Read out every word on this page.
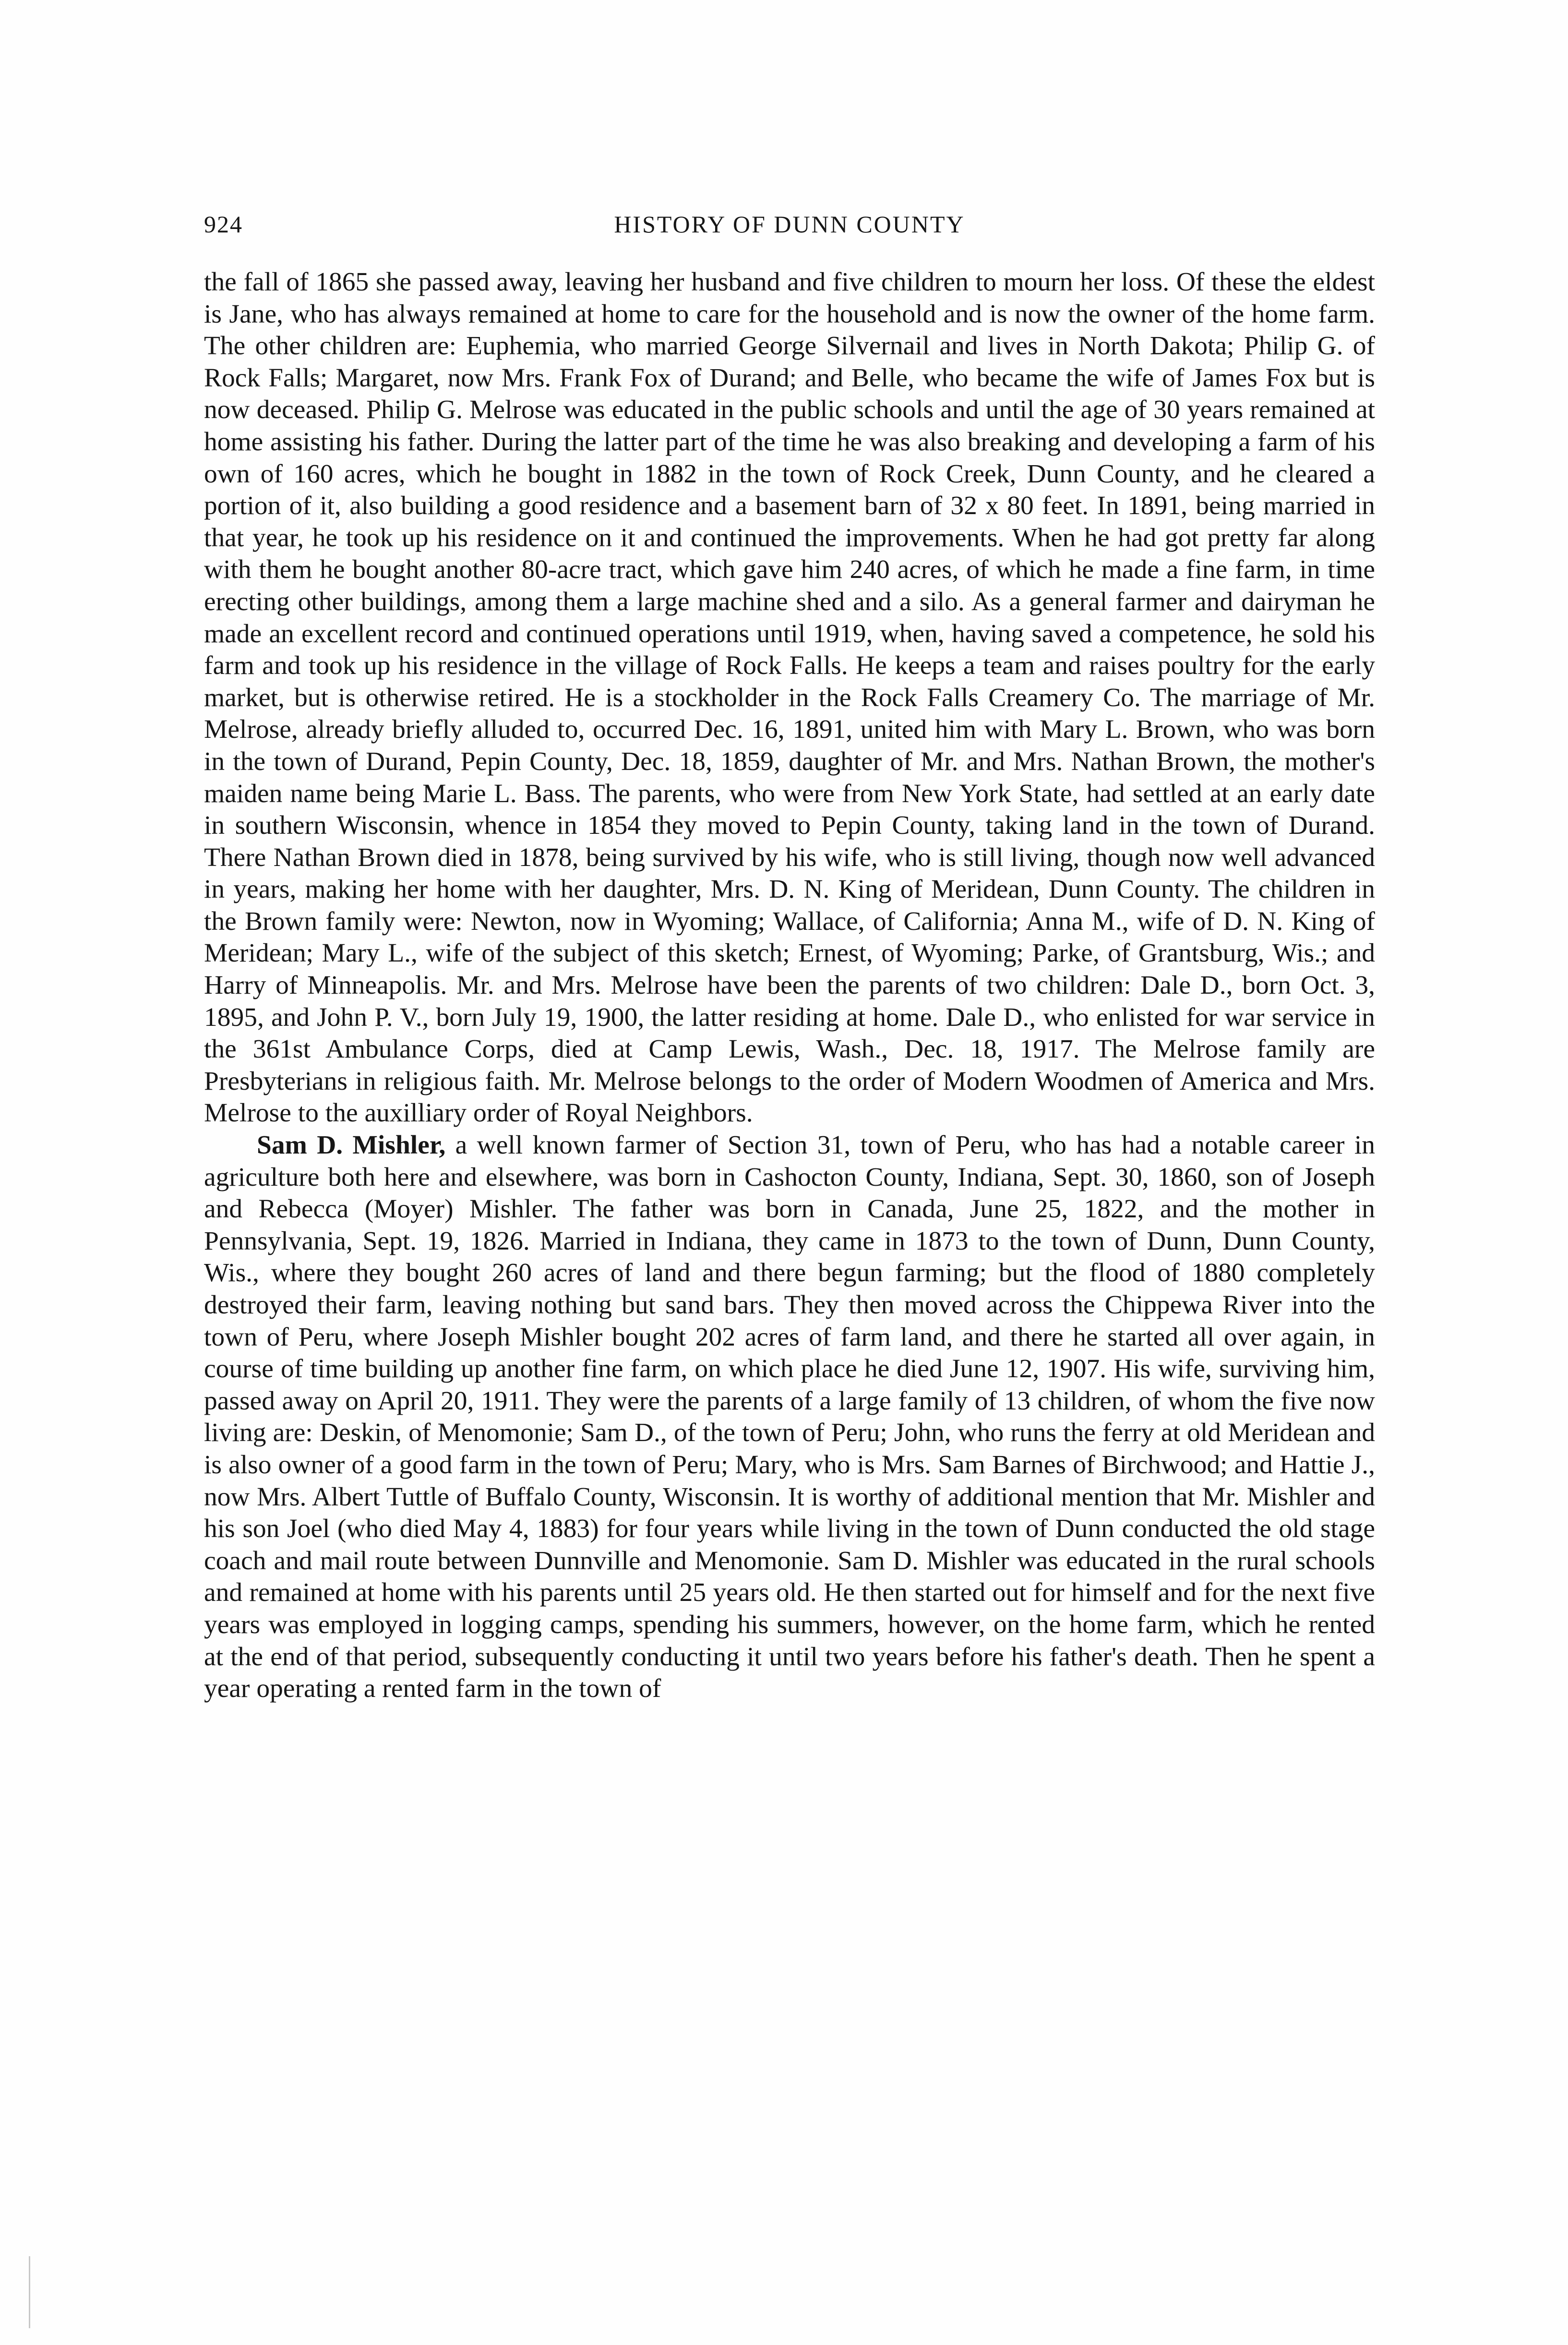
924	HISTORY OF DUNN COUNTY

the fall of 1865 she passed away, leaving her husband and five children to mourn her loss. Of these the eldest is Jane, who has always remained at home to care for the household and is now the owner of the home farm. The other children are: Euphemia, who married George Silvernail and lives in North Dakota; Philip G. of Rock Falls; Margaret, now Mrs. Frank Fox of Durand; and Belle, who became the wife of James Fox but is now deceased. Philip G. Melrose was educated in the public schools and until the age of 30 years remained at home assisting his father. During the latter part of the time he was also breaking and developing a farm of his own of 160 acres, which he bought in 1882 in the town of Rock Creek, Dunn County, and he cleared a portion of it, also building a good residence and a basement barn of 32 x 80 feet. In 1891, being married in that year, he took up his residence on it and continued the improvements. When he had got pretty far along with them he bought another 80-acre tract, which gave him 240 acres, of which he made a fine farm, in time erecting other buildings, among them a large machine shed and a silo. As a general farmer and dairyman he made an excellent record and continued operations until 1919, when, having saved a competence, he sold his farm and took up his residence in the village of Rock Falls. He keeps a team and raises poultry for the early market, but is otherwise retired. He is a stockholder in the Rock Falls Creamery Co. The marriage of Mr. Melrose, already briefly alluded to, occurred Dec. 16, 1891, united him with Mary L. Brown, who was born in the town of Durand, Pepin County, Dec. 18, 1859, daughter of Mr. and Mrs. Nathan Brown, the mother's maiden name being Marie L. Bass. The parents, who were from New York State, had settled at an early date in southern Wisconsin, whence in 1854 they moved to Pepin County, taking land in the town of Durand. There Nathan Brown died in 1878, being survived by his wife, who is still living, though now well advanced in years, making her home with her daughter, Mrs. D. N. King of Meridean, Dunn County. The children in the Brown family were: Newton, now in Wyoming; Wallace, of California; Anna M., wife of D. N. King of Meridean; Mary L., wife of the subject of this sketch; Ernest, of Wyoming; Parke, of Grantsburg, Wis.; and Harry of Minneapolis. Mr. and Mrs. Melrose have been the parents of two children: Dale D., born Oct. 3, 1895, and John P. V., born July 19, 1900, the latter residing at home. Dale D., who enlisted for war service in the 361st Ambulance Corps, died at Camp Lewis, Wash., Dec. 18, 1917. The Melrose family are Presbyterians in religious faith. Mr. Melrose belongs to the order of Modern Woodmen of America and Mrs. Melrose to the auxilliary order of Royal Neighbors.

Sam D. Mishler, a well known farmer of Section 31, town of Peru, who has had a notable career in agriculture both here and elsewhere, was born in Cashocton County, Indiana, Sept. 30, 1860, son of Joseph and Rebecca (Moyer) Mishler. The father was born in Canada, June 25, 1822, and the mother in Pennsylvania, Sept. 19, 1826. Married in Indiana, they came in 1873 to the town of Dunn, Dunn County, Wis., where they bought 260 acres of land and there begun farming; but the flood of 1880 completely destroyed their farm, leaving nothing but sand bars. They then moved across the Chippewa River into the town of Peru, where Joseph Mishler bought 202 acres of farm land, and there he started all over again, in course of time building up another fine farm, on which place he died June 12, 1907. His wife, surviving him, passed away on April 20, 1911. They were the parents of a large family of 13 children, of whom the five now living are: Deskin, of Menomonie; Sam D., of the town of Peru; John, who runs the ferry at old Meridean and is also owner of a good farm in the town of Peru; Mary, who is Mrs. Sam Barnes of Birchwood; and Hattie J., now Mrs. Albert Tuttle of Buffalo County, Wisconsin. It is worthy of additional mention that Mr. Mishler and his son Joel (who died May 4, 1883) for four years while living in the town of Dunn conducted the old stage coach and mail route between Dunnville and Menomonie. Sam D. Mishler was educated in the rural schools and remained at home with his parents until 25 years old. He then started out for himself and for the next five years was employed in logging camps, spending his summers, however, on the home farm, which he rented at the end of that period, subsequently conducting it until two years before his father's death. Then he spent a year operating a rented farm in the town of
